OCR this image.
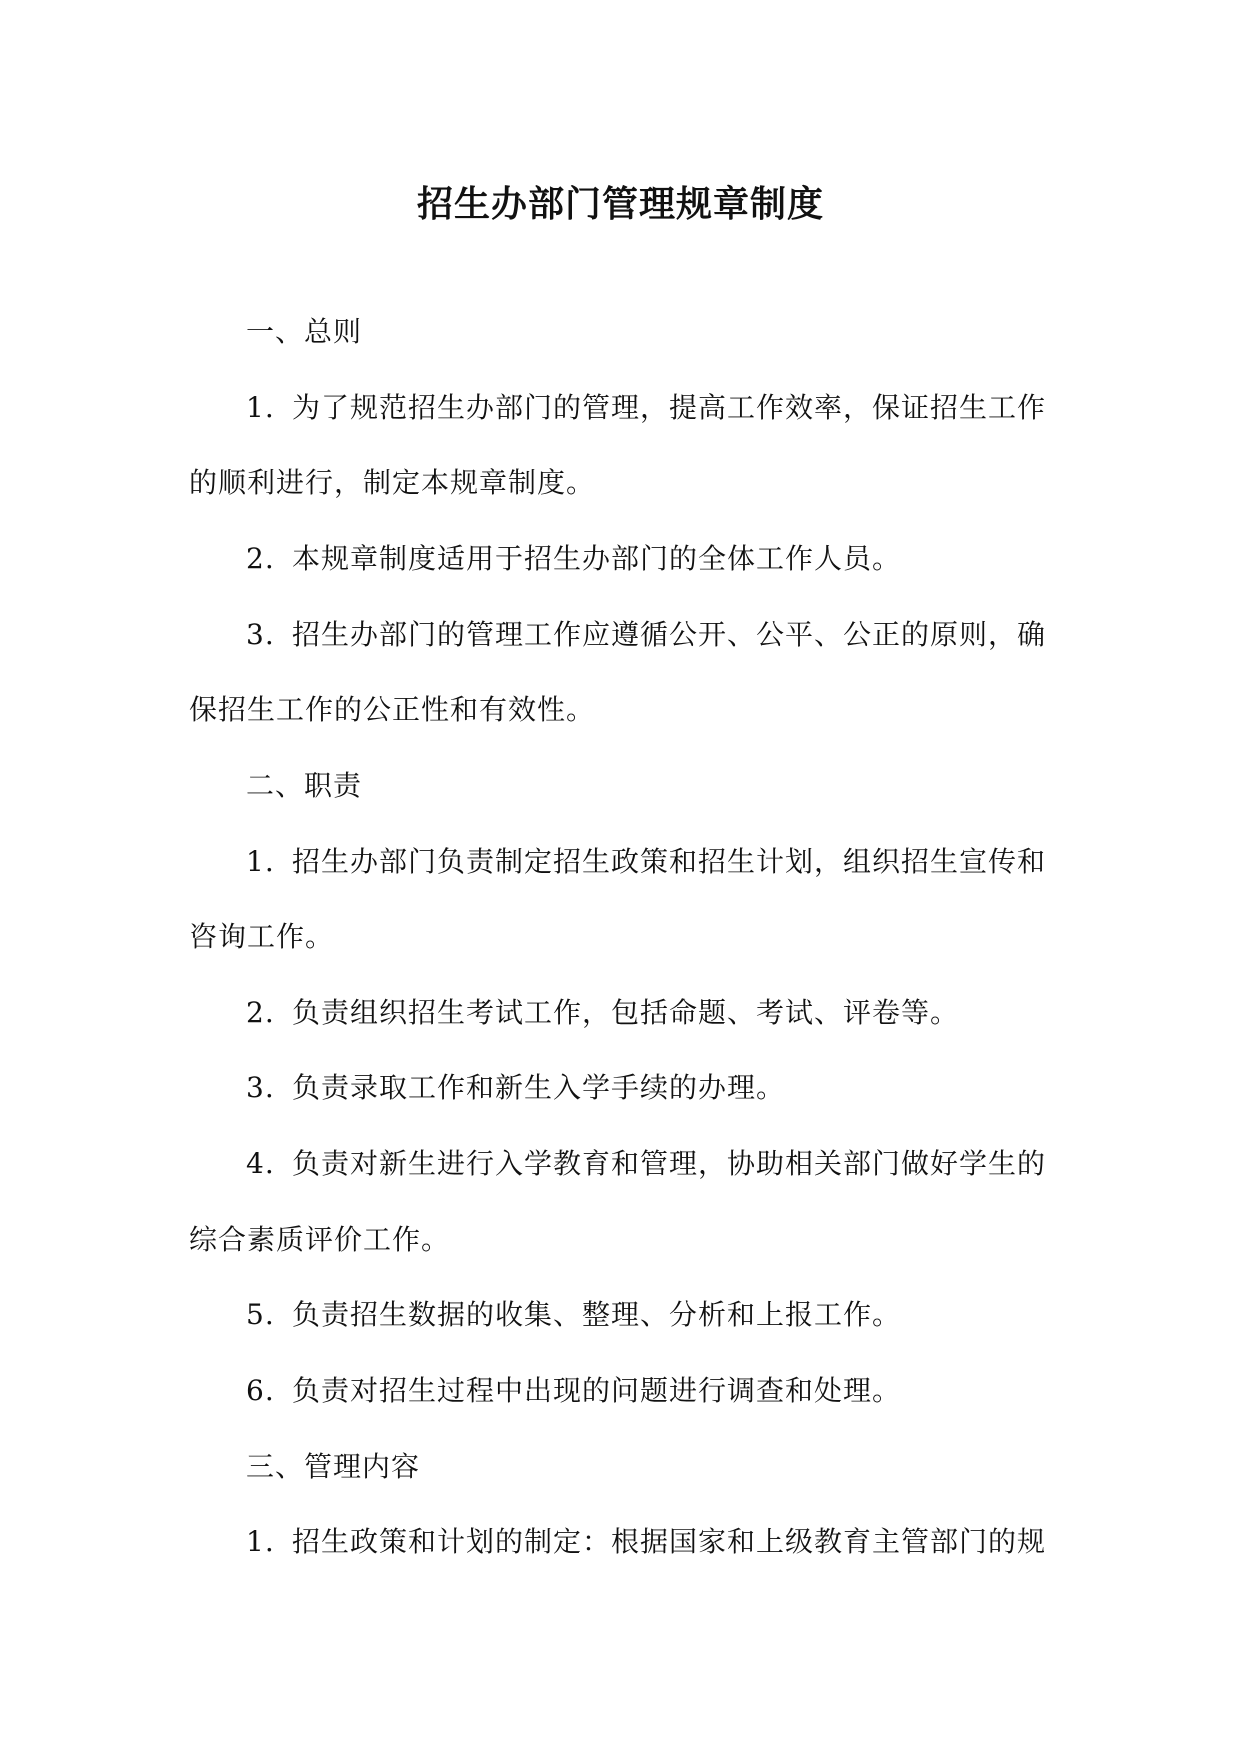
招生办部门管理规章制度
一、总则
1. 为了规范招生办部门的管理，提高工作效率，保证招生工作
的顺利进行，制定本规章制度。
2. 本规章制度适用于招生办部门的全体工作人员。
3. 招生办部门的管理工作应遵循公开、公平、公正的原则，确
保招生工作的公正性和有效性。
二、职责
1. 招生办部门负责制定招生政策和招生计划，组织招生宣传和
咨询工作。
2. 负责组织招生考试工作，包括命题、考试、评卷等。
3. 负责录取工作和新生入学手续的办理。
4. 负责对新生进行入学教育和管理，协助相关部门做好学生的
综合素质评价工作。
5. 负责招生数据的收集、整理、分析和上报工作。
6. 负责对招生过程中出现的问题进行调查和处理。
三、管理内容
1. 招生政策和计划的制定：根据国家和上级教育主管部门的规
